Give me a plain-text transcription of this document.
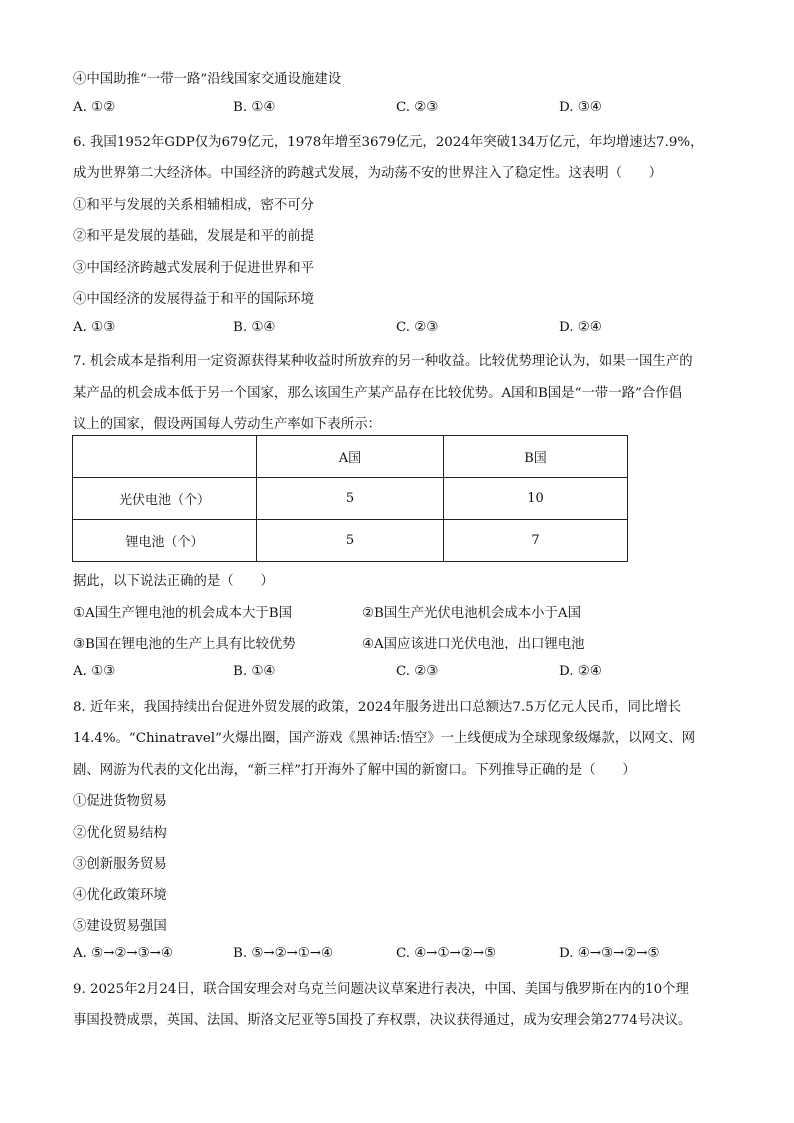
④中国助推“一带一路”沿线国家交通设施建设
A. ①②	B. ①④	C. ②③	D. ③④
6. 我国1952年GDP仅为679亿元，1978年增至3679亿元，2024年突破134万亿元，年均增速达7.9%，
成为世界第二大经济体。中国经济的跨越式发展，为动荡不安的世界注入了稳定性。这表明（　　）
①和平与发展的关系相辅相成，密不可分
②和平是发展的基础，发展是和平的前提
③中国经济跨越式发展利于促进世界和平
④中国经济的发展得益于和平的国际环境
A. ①③	B. ①④	C. ②③	D. ②④
7. 机会成本是指利用一定资源获得某种收益时所放弃的另一种收益。比较优势理论认为，如果一国生产的
某产品的机会成本低于另一个国家，那么该国生产某产品存在比较优势。A国和B国是“一带一路”合作倡
议上的国家，假设两国每人劳动生产率如下表所示：
	A国	B国
光伏电池（个）	5	10
锂电池（个）	5	7
据此，以下说法正确的是（　　）
①A国生产锂电池的机会成本大于B国	②B国生产光伏电池机会成本小于A国
③B国在锂电池的生产上具有比较优势	④A国应该进口光伏电池，出口锂电池
A. ①③	B. ①④	C. ②③	D. ②④
8. 近年来，我国持续出台促进外贸发展的政策，2024年服务进出口总额达7.5万亿元人民币，同比增长
14.4%。“Chinatravel”火爆出圈，国产游戏《黑神话:悟空》一上线便成为全球现象级爆款，以网文、网
剧、网游为代表的文化出海，“新三样”打开海外了解中国的新窗口。下列推导正确的是（　　）
①促进货物贸易
②优化贸易结构
③创新服务贸易
④优化政策环境
⑤建设贸易强国
A. ⑤→②→③→④	B. ⑤→②→①→④	C. ④→①→②→⑤	D. ④→③→②→⑤
9. 2025年2月24日，联合国安理会对乌克兰问题决议草案进行表决，中国、美国与俄罗斯在内的10个理
事国投赞成票，英国、法国、斯洛文尼亚等5国投了弃权票，决议获得通过，成为安理会第2774号决议。
